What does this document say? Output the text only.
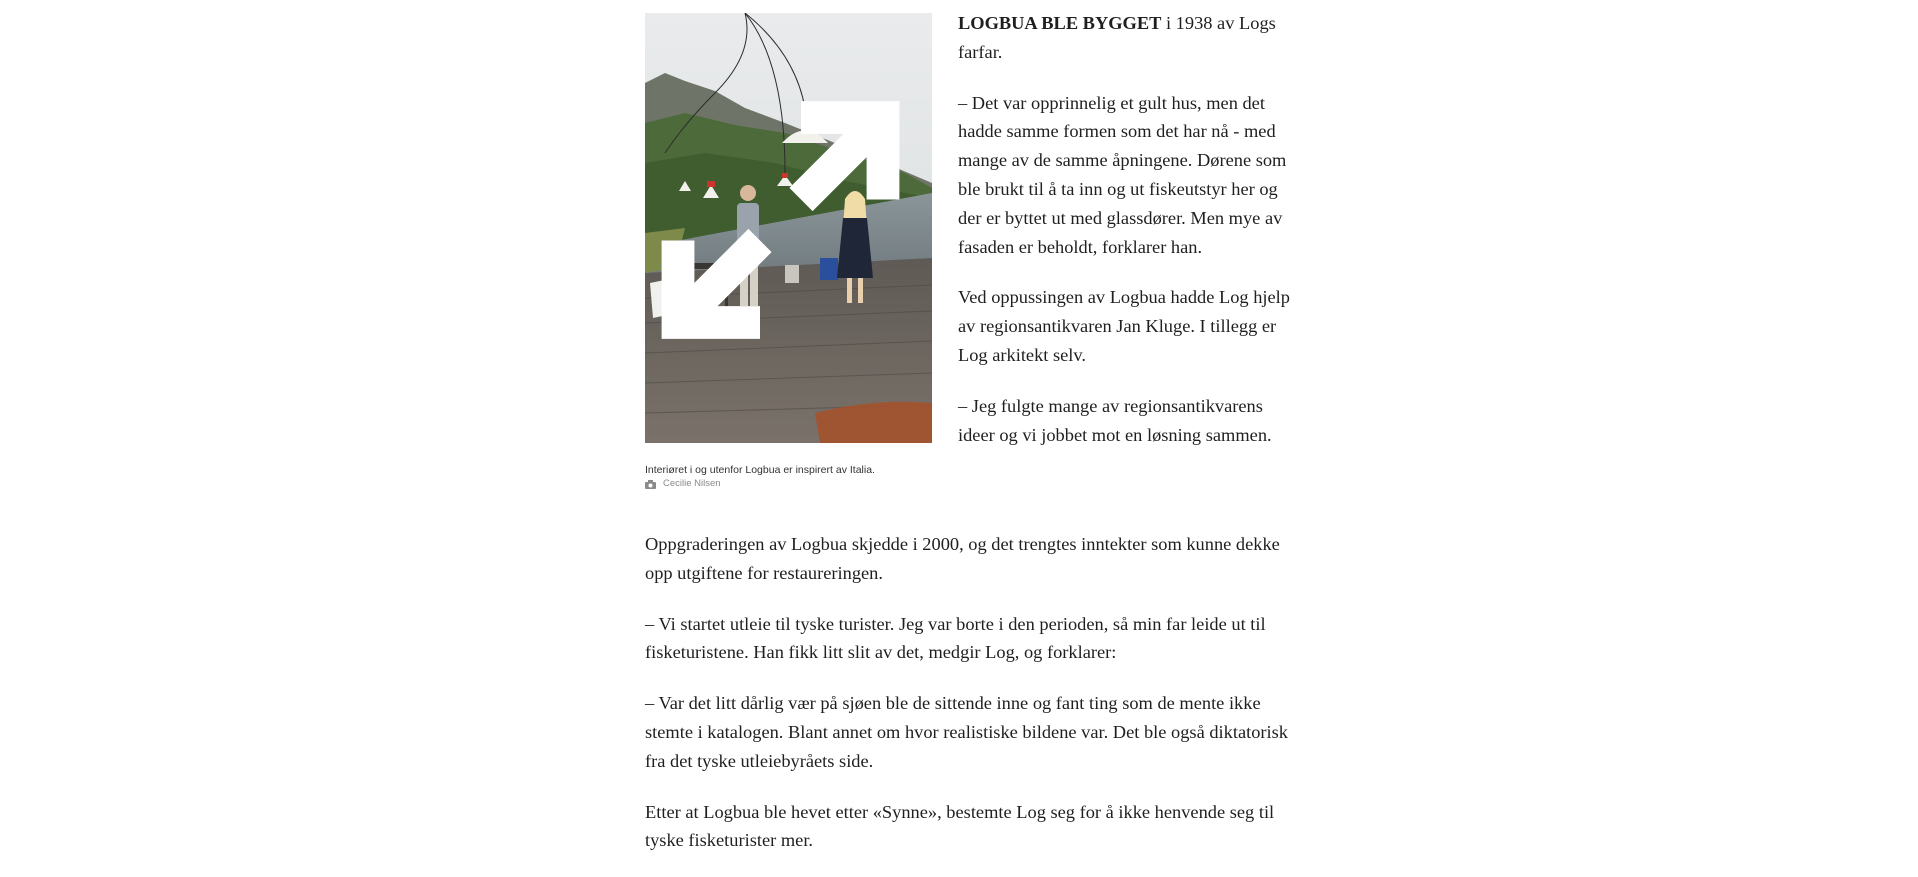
Interiøret i og utenfor Logbua er inspirert av Italia.
Cecilie Nilsen

LOGBUA BLE BYGGET i 1938 av Logs farfar.

– Det var opprinnelig et gult hus, men det hadde samme formen som det har nå - med mange av de samme åpningene. Dørene som ble brukt til å ta inn og ut fiskeutstyr her og der er byttet ut med glassdører. Men mye av fasaden er beholdt, forklarer han.

Ved oppussingen av Logbua hadde Log hjelp av regionsantikvaren Jan Kluge. I tillegg er Log arkitekt selv.

– Jeg fulgte mange av regionsantikvarens ideer og vi jobbet mot en løsning sammen.

Oppgraderingen av Logbua skjedde i 2000, og det trengtes inntekter som kunne dekke opp utgiftene for restaureringen.

– Vi startet utleie til tyske turister. Jeg var borte i den perioden, så min far leide ut til fisketuristene. Han fikk litt slit av det, medgir Log, og forklarer:

– Var det litt dårlig vær på sjøen ble de sittende inne og fant ting som de mente ikke stemte i katalogen. Blant annet om hvor realistiske bildene var. Det ble også diktatorisk fra det tyske utleiebyråets side.

Etter at Logbua ble hevet etter «Synne», bestemte Log seg for å ikke henvende seg til tyske fisketurister mer.
